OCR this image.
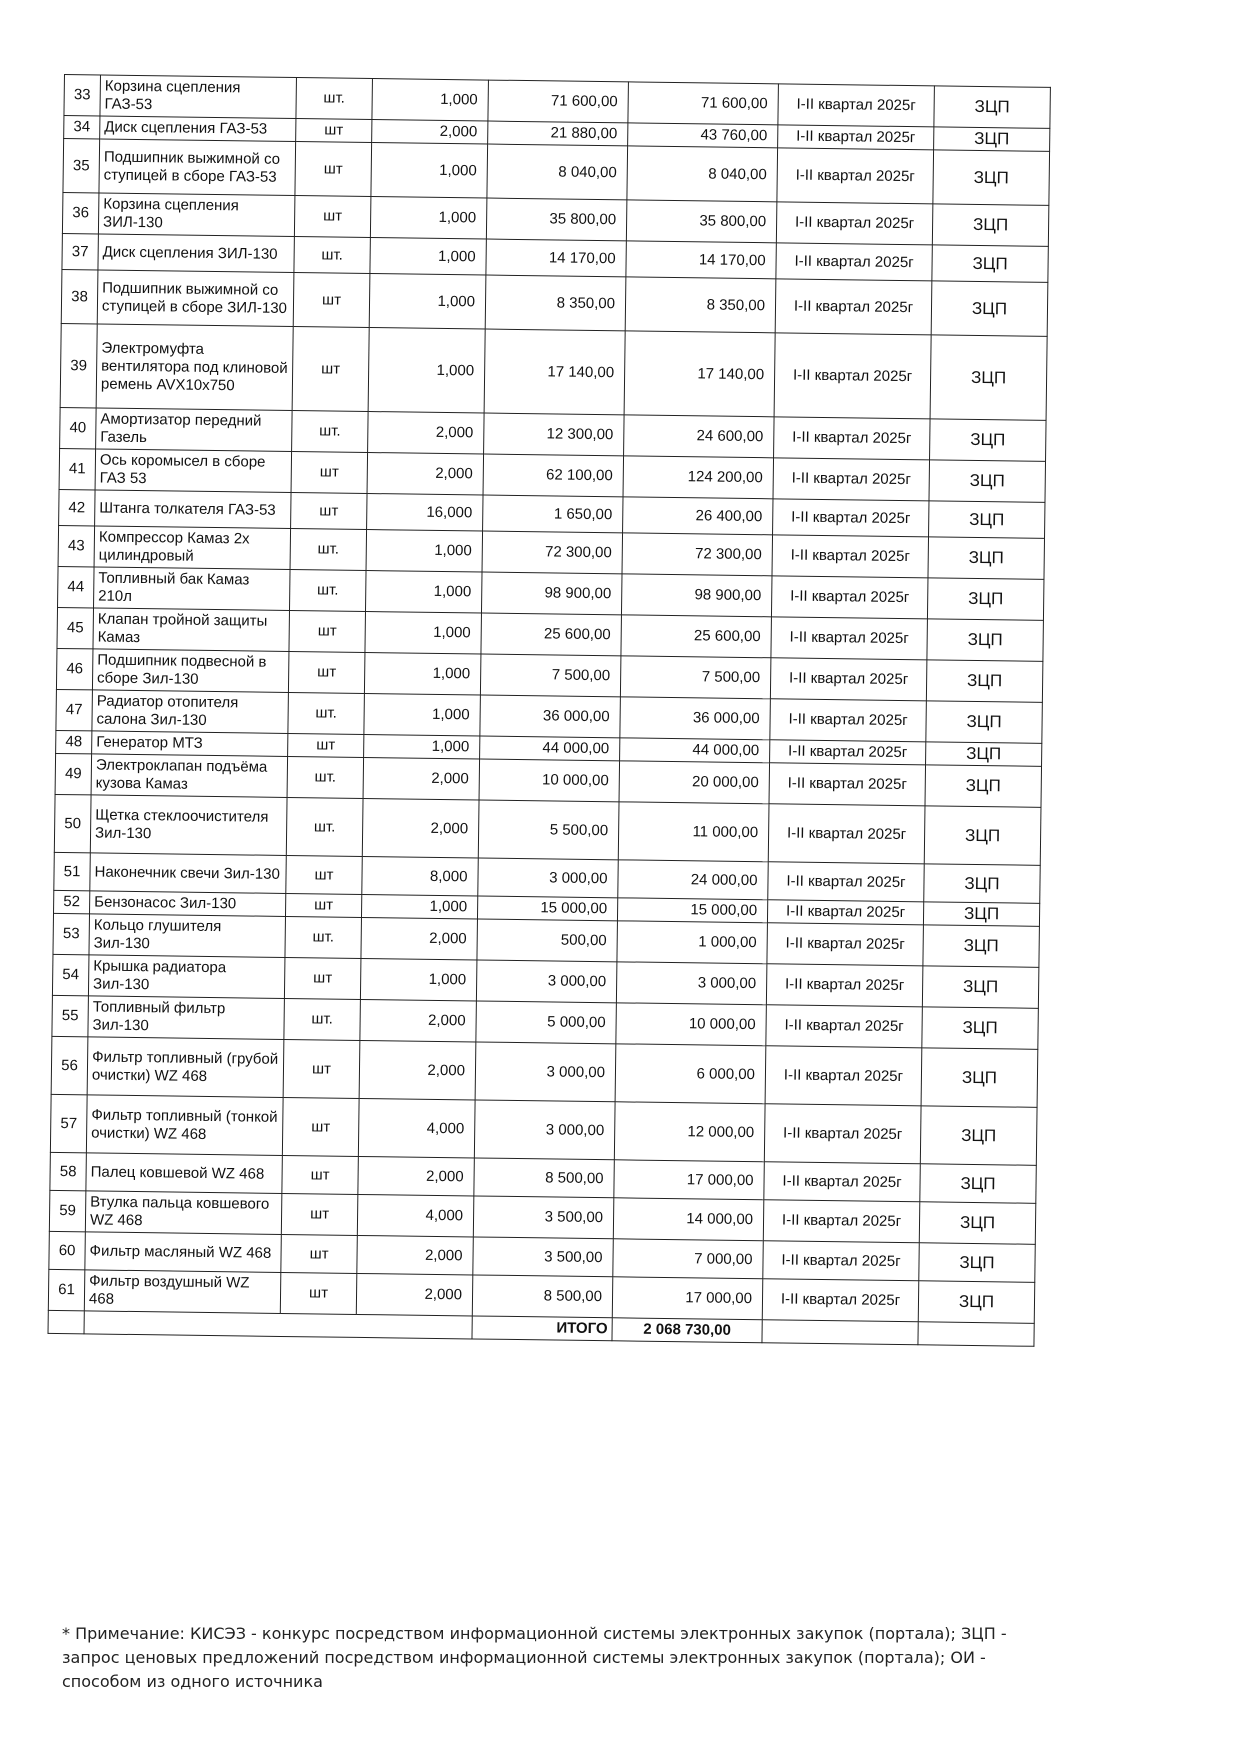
33	Корзина сцепления ГАЗ-53	шт.	1,000	71 600,00	71 600,00	I-II квартал 2025г	ЗЦП
34	Диск сцепления ГАЗ-53	шт	2,000	21 880,00	43 760,00	I-II квартал 2025г	ЗЦП
35	Подшипник выжимной со ступицей в сборе ГАЗ-53	шт	1,000	8 040,00	8 040,00	I-II квартал 2025г	ЗЦП
36	Корзина сцепления ЗИЛ-130	шт	1,000	35 800,00	35 800,00	I-II квартал 2025г	ЗЦП
37	Диск сцепления ЗИЛ-130	шт.	1,000	14 170,00	14 170,00	I-II квартал 2025г	ЗЦП
38	Подшипник выжимной со ступицей в сборе ЗИЛ-130	шт	1,000	8 350,00	8 350,00	I-II квартал 2025г	ЗЦП
39	Электромуфта вентилятора под клиновой ремень AVX10x750	шт	1,000	17 140,00	17 140,00	I-II квартал 2025г	ЗЦП
40	Амортизатор передний Газель	шт.	2,000	12 300,00	24 600,00	I-II квартал 2025г	ЗЦП
41	Ось коромысел в сборе ГАЗ 53	шт	2,000	62 100,00	124 200,00	I-II квартал 2025г	ЗЦП
42	Штанга толкателя ГАЗ-53	шт	16,000	1 650,00	26 400,00	I-II квартал 2025г	ЗЦП
43	Компрессор Камаз 2х цилиндровый	шт.	1,000	72 300,00	72 300,00	I-II квартал 2025г	ЗЦП
44	Топливный бак Камаз 210л	шт.	1,000	98 900,00	98 900,00	I-II квартал 2025г	ЗЦП
45	Клапан тройной защиты Камаз	шт	1,000	25 600,00	25 600,00	I-II квартал 2025г	ЗЦП
46	Подшипник подвесной в сборе Зил-130	шт	1,000	7 500,00	7 500,00	I-II квартал 2025г	ЗЦП
47	Радиатор отопителя салона Зил-130	шт.	1,000	36 000,00	36 000,00	I-II квартал 2025г	ЗЦП
48	Генератор МТЗ	шт	1,000	44 000,00	44 000,00	I-II квартал 2025г	ЗЦП
49	Электроклапан подъёма кузова Камаз	шт.	2,000	10 000,00	20 000,00	I-II квартал 2025г	ЗЦП
50	Щетка стеклоочистителя Зил-130	шт.	2,000	5 500,00	11 000,00	I-II квартал 2025г	ЗЦП
51	Наконечник свечи Зил-130	шт	8,000	3 000,00	24 000,00	I-II квартал 2025г	ЗЦП
52	Бензонасос Зил-130	шт	1,000	15 000,00	15 000,00	I-II квартал 2025г	ЗЦП
53	Кольцо глушителя Зил-130	шт.	2,000	500,00	1 000,00	I-II квартал 2025г	ЗЦП
54	Крышка радиатора Зил-130	шт	1,000	3 000,00	3 000,00	I-II квартал 2025г	ЗЦП
55	Топливный фильтр Зил-130	шт.	2,000	5 000,00	10 000,00	I-II квартал 2025г	ЗЦП
56	Фильтр топливный (грубой очистки) WZ 468	шт	2,000	3 000,00	6 000,00	I-II квартал 2025г	ЗЦП
57	Фильтр топливный (тонкой очистки) WZ 468	шт	4,000	3 000,00	12 000,00	I-II квартал 2025г	ЗЦП
58	Палец ковшевой WZ 468	шт	2,000	8 500,00	17 000,00	I-II квартал 2025г	ЗЦП
59	Втулка пальца ковшевого WZ 468	шт	4,000	3 500,00	14 000,00	I-II квартал 2025г	ЗЦП
60	Фильтр масляный WZ 468	шт	2,000	3 500,00	7 000,00	I-II квартал 2025г	ЗЦП
61	Фильтр воздушный WZ 468	шт	2,000	8 500,00	17 000,00	I-II квартал 2025г	ЗЦП
				ИТОГО	2 068 730,00		
* Примечание: КИСЭЗ - конкурс посредством информационной системы электронных закупок (портала); ЗЦП - запрос ценовых предложений посредством информационной системы электронных закупок (портала); ОИ - способом из одного источника
